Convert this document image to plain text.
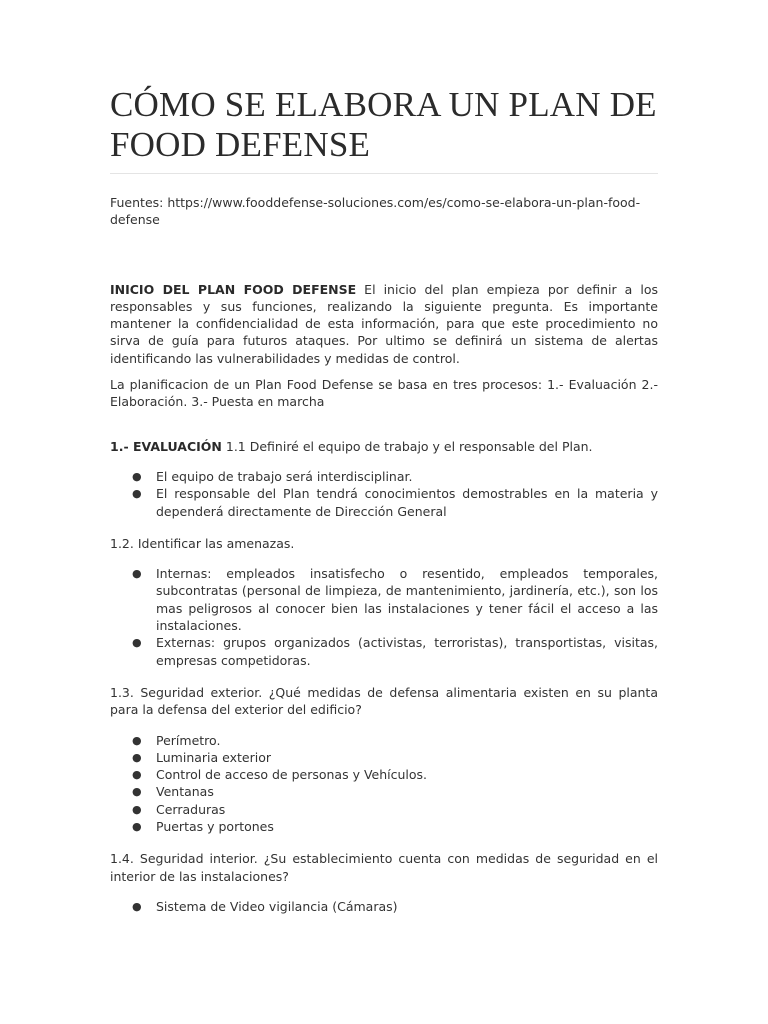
CÓMO SE ELABORA UN PLAN DE FOOD DEFENSE

Fuentes: https://www.fooddefense-soluciones.com/es/como-se-elabora-un-plan-food-defense

INICIO DEL PLAN FOOD DEFENSE El inicio del plan empieza por definir a los responsables y sus funciones, realizando la siguiente pregunta. Es importante mantener la confidencialidad de esta información, para que este procedimiento no sirva de guía para futuros ataques. Por ultimo se definirá un sistema de alertas identificando las vulnerabilidades y medidas de control.

La planificacion de un Plan Food Defense se basa en tres procesos: 1.- Evaluación 2.- Elaboración. 3.- Puesta en marcha

1.- EVALUACIÓN 1.1 Definiré el equipo de trabajo y el responsable del Plan.

● El equipo de trabajo será interdisciplinar.
● El responsable del Plan tendrá conocimientos demostrables en la materia y dependerá directamente de Dirección General

1.2. Identificar las amenazas.

● Internas: empleados insatisfecho o resentido, empleados temporales, subcontratas (personal de limpieza, de mantenimiento, jardinería, etc.), son los mas peligrosos al conocer bien las instalaciones y tener fácil el acceso a las instalaciones.
● Externas: grupos organizados (activistas, terroristas), transportistas, visitas, empresas competidoras.

1.3. Seguridad exterior. ¿Qué medidas de defensa alimentaria existen en su planta para la defensa del exterior del edificio?

● Perímetro.
● Luminaria exterior
● Control de acceso de personas y Vehículos.
● Ventanas
● Cerraduras
● Puertas y portones

1.4. Seguridad interior. ¿Su establecimiento cuenta con medidas de seguridad en el interior de las instalaciones?

● Sistema de Video vigilancia (Cámaras)
